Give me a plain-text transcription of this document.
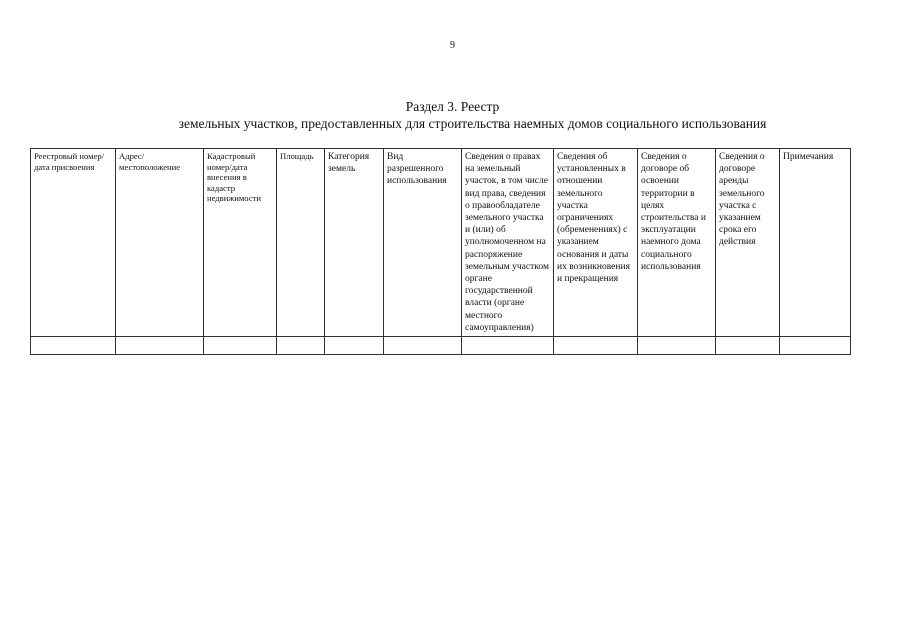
9
Раздел 3. Реестр
земельных участков, предоставленных для строительства наемных домов социального использования
Реестровый номер/дата присвоения	Адрес/ местоположение	Кадастровый номер/дата внесения в кадастр недвижимости	Площадь	Категория земель	Вид разрешенного использования	Сведения о правах на земельный участок, в том числе вид права, сведения о правообладателе земельного участка и (или) об уполномоченном на распоряжение земельным участком органе государственной власти (органе местного самоуправления)	Сведения об установленных в отношении земельного участка ограничениях (обременениях) с указанием основания и даты их возникновения и прекращения	Сведения о договоре об освоении территории в целях строительства и эксплуатации наемного дома социального использования	Сведения о договоре аренды земельного участка с указанием срока его действия	Примечания
